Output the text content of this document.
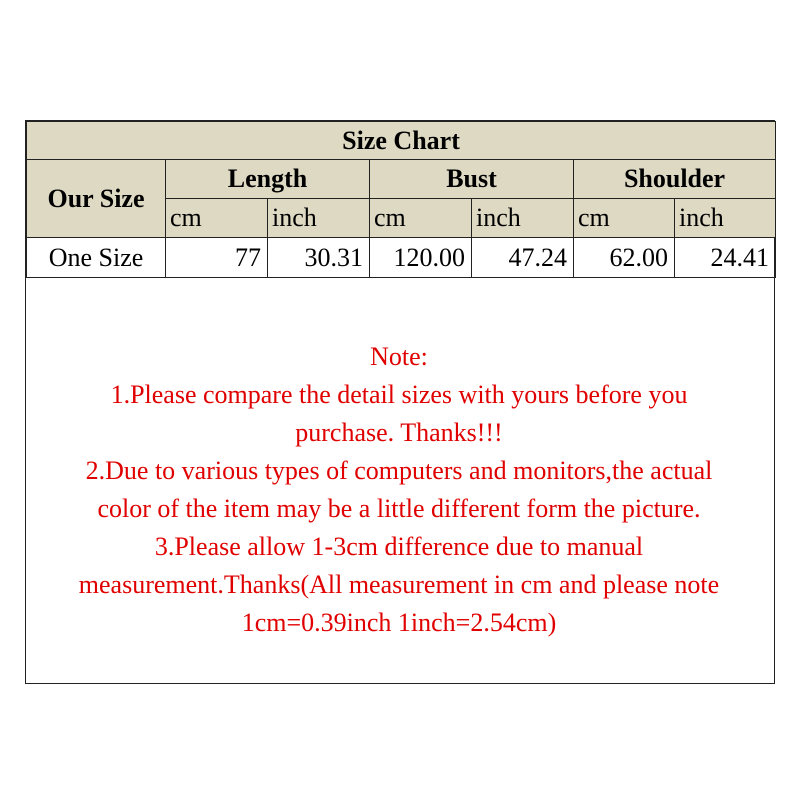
Size Chart						
Our Size	Length		Bust		Shoulder	
	cm	inch	cm	inch	cm	inch
One Size	77	30.31	120.00	47.24	62.00	24.41
Note:
1.Please compare the detail sizes with yours before you
purchase. Thanks!!!
2.Due to various types of computers and monitors,the actual
color of the item may be a little different form the picture.
3.Please allow 1-3cm difference due to manual
measurement.Thanks(All measurement in cm and please note
1cm=0.39inch 1inch=2.54cm)
